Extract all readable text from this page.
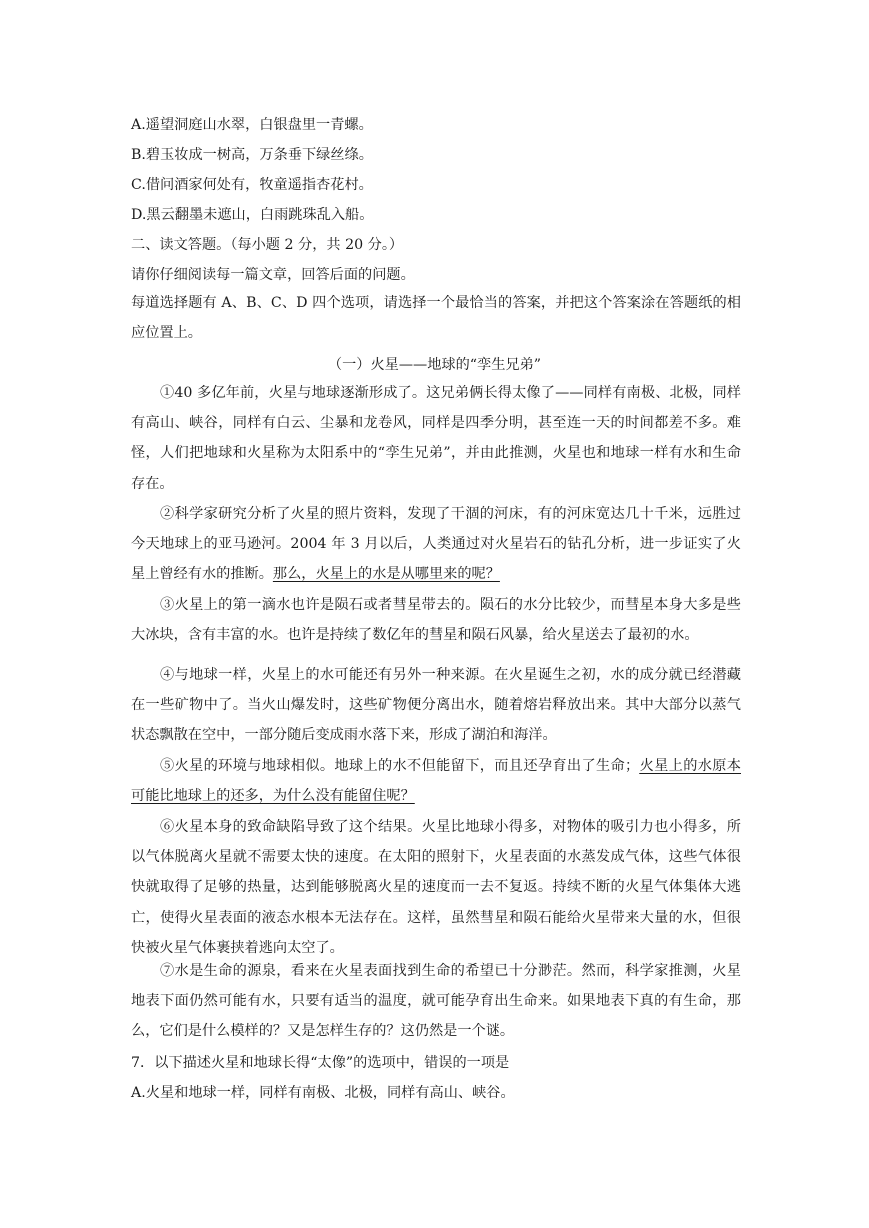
A.遥望洞庭山水翠，白银盘里一青螺。
B.碧玉妆成一树高，万条垂下绿丝绦。
C.借问酒家何处有，牧童遥指杏花村。
D.黑云翻墨未遮山，白雨跳珠乱入船。
二、读文答题。（每小题 2 分，共 20 分。）
请你仔细阅读每一篇文章，回答后面的问题。
每道选择题有 A、B、C、D 四个选项，请选择一个最恰当的答案，并把这个答案涂在答题纸的相应位置上。
（一）火星——地球的“孪生兄弟”
①40 多亿年前，火星与地球逐渐形成了。这兄弟俩长得太像了——同样有南极、北极，同样有高山、峡谷，同样有白云、尘暴和龙卷风，同样是四季分明，甚至连一天的时间都差不多。难怪，人们把地球和火星称为太阳系中的“孪生兄弟”，并由此推测，火星也和地球一样有水和生命存在。
②科学家研究分析了火星的照片资料，发现了干涸的河床，有的河床宽达几十千米，远胜过今天地球上的亚马逊河。2004 年 3 月以后，人类通过对火星岩石的钻孔分析，进一步证实了火星上曾经有水的推断。那么，火星上的水是从哪里来的呢？
③火星上的第一滴水也许是陨石或者彗星带去的。陨石的水分比较少，而彗星本身大多是些大冰块，含有丰富的水。也许是持续了数亿年的彗星和陨石风暴，给火星送去了最初的水。
④与地球一样，火星上的水可能还有另外一种来源。在火星诞生之初，水的成分就已经潜藏在一些矿物中了。当火山爆发时，这些矿物便分离出水，随着熔岩释放出来。其中大部分以蒸气状态飘散在空中，一部分随后变成雨水落下来，形成了湖泊和海洋。
⑤火星的环境与地球相似。地球上的水不但能留下，而且还孕育出了生命；火星上的水原本可能比地球上的还多，为什么没有能留住呢？
⑥火星本身的致命缺陷导致了这个结果。火星比地球小得多，对物体的吸引力也小得多，所以气体脱离火星就不需要太快的速度。在太阳的照射下，火星表面的水蒸发成气体，这些气体很快就取得了足够的热量，达到能够脱离火星的速度而一去不复返。持续不断的火星气体集体大逃亡，使得火星表面的液态水根本无法存在。这样，虽然彗星和陨石能给火星带来大量的水，但很快被火星气体裹挟着逃向太空了。
⑦水是生命的源泉，看来在火星表面找到生命的希望已十分渺茫。然而，科学家推测，火星地表下面仍然可能有水，只要有适当的温度，就可能孕育出生命来。如果地表下真的有生命，那么，它们是什么模样的？又是怎样生存的？这仍然是一个谜。
7．以下描述火星和地球长得“太像”的选项中，错误的一项是
A.火星和地球一样，同样有南极、北极，同样有高山、峡谷。
